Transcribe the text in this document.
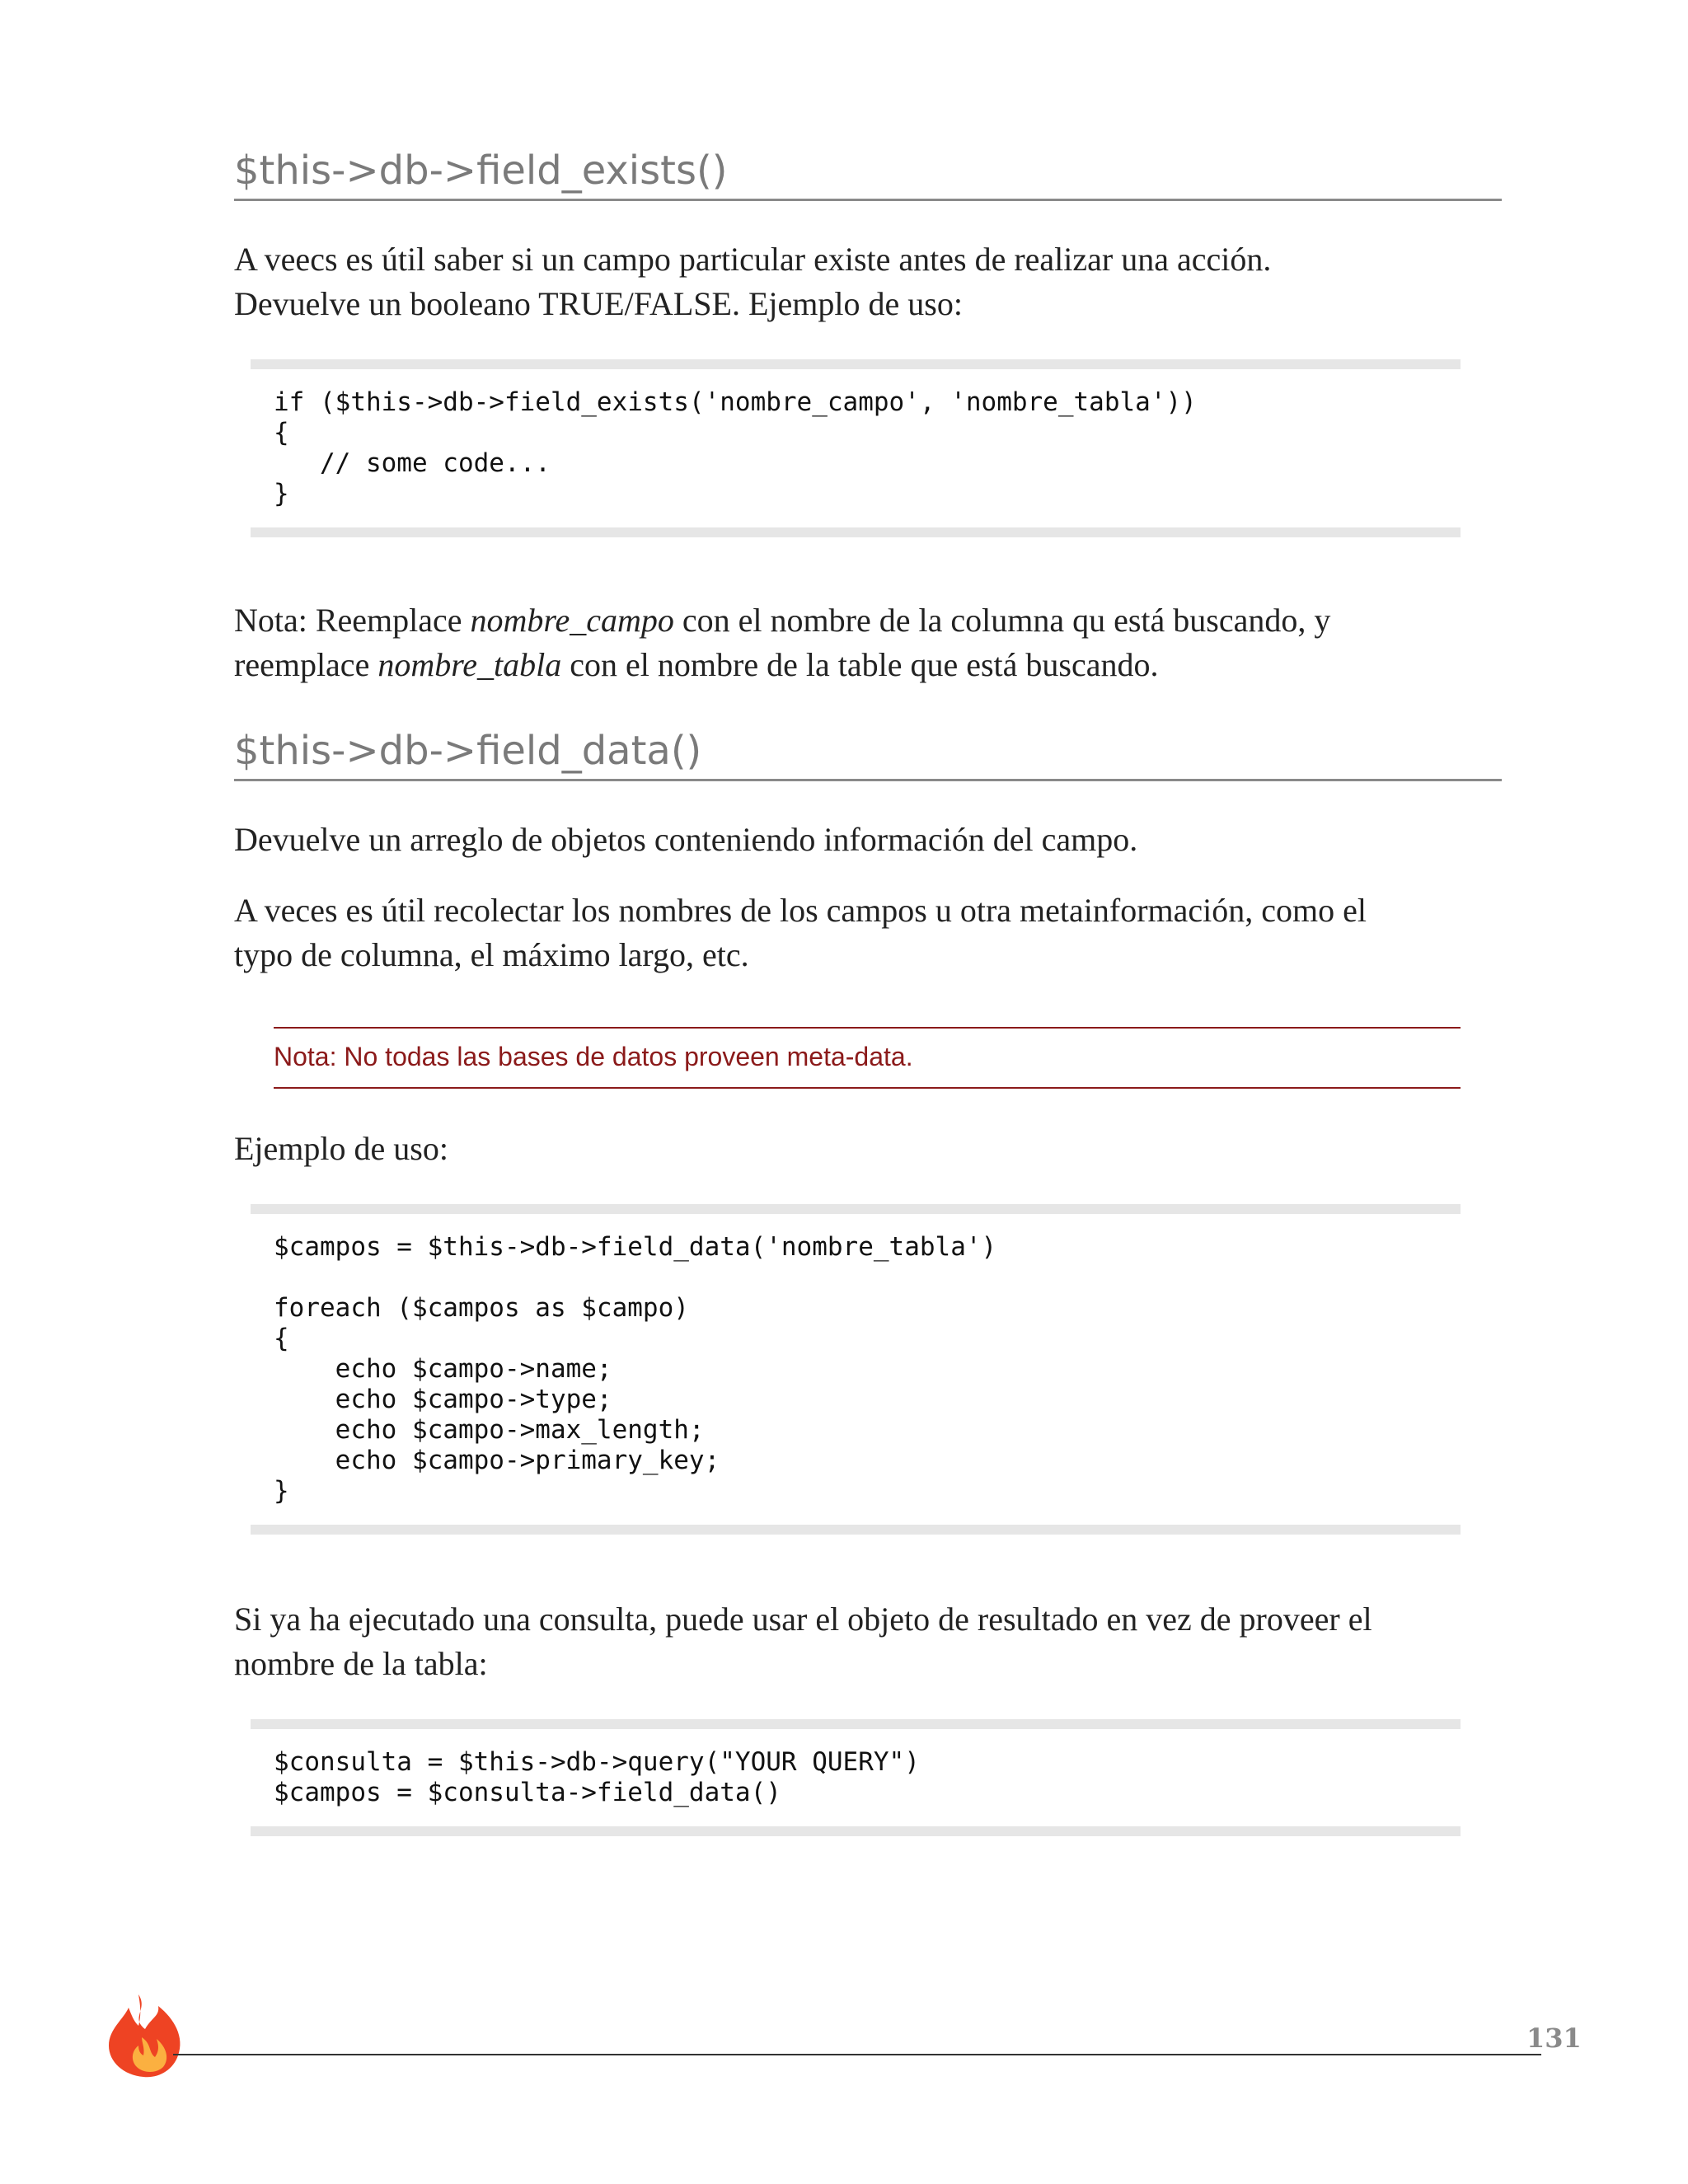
$this->db->field_exists()

A veecs es útil saber si un campo particular existe antes de realizar una acción.

Devuelve un booleano TRUE/FALSE. Ejemplo de uso:

if ($this->db->field_exists('nombre_campo', 'nombre_tabla'))
{
// some code...
}

Nota: Reemplace nombre_campo con el nombre de la columna qu está buscando, y

reemplace nombre_tabla con el nombre de la table que está buscando.

$this->db->field_data()

Devuelve un arreglo de objetos conteniendo información del campo.

A veces es útil recolectar los nombres de los campos u otra metainformación, como el

typo de columna, el máximo largo, etc.

Nota: No todas las bases de datos proveen meta-data.

Ejemplo de uso:

$campos = $this->db->field_data('nombre_tabla')
foreach ($campos as $campo)
{
echo $campo->name;
echo $campo->type;
echo $campo->max_length;
echo $campo->primary_key;
}

Si ya ha ejecutado una consulta, puede usar el objeto de resultado en vez de proveer el

nombre de la tabla:

$consulta = $this->db->query("YOUR QUERY")
$campos = $consulta->field_data()
131
